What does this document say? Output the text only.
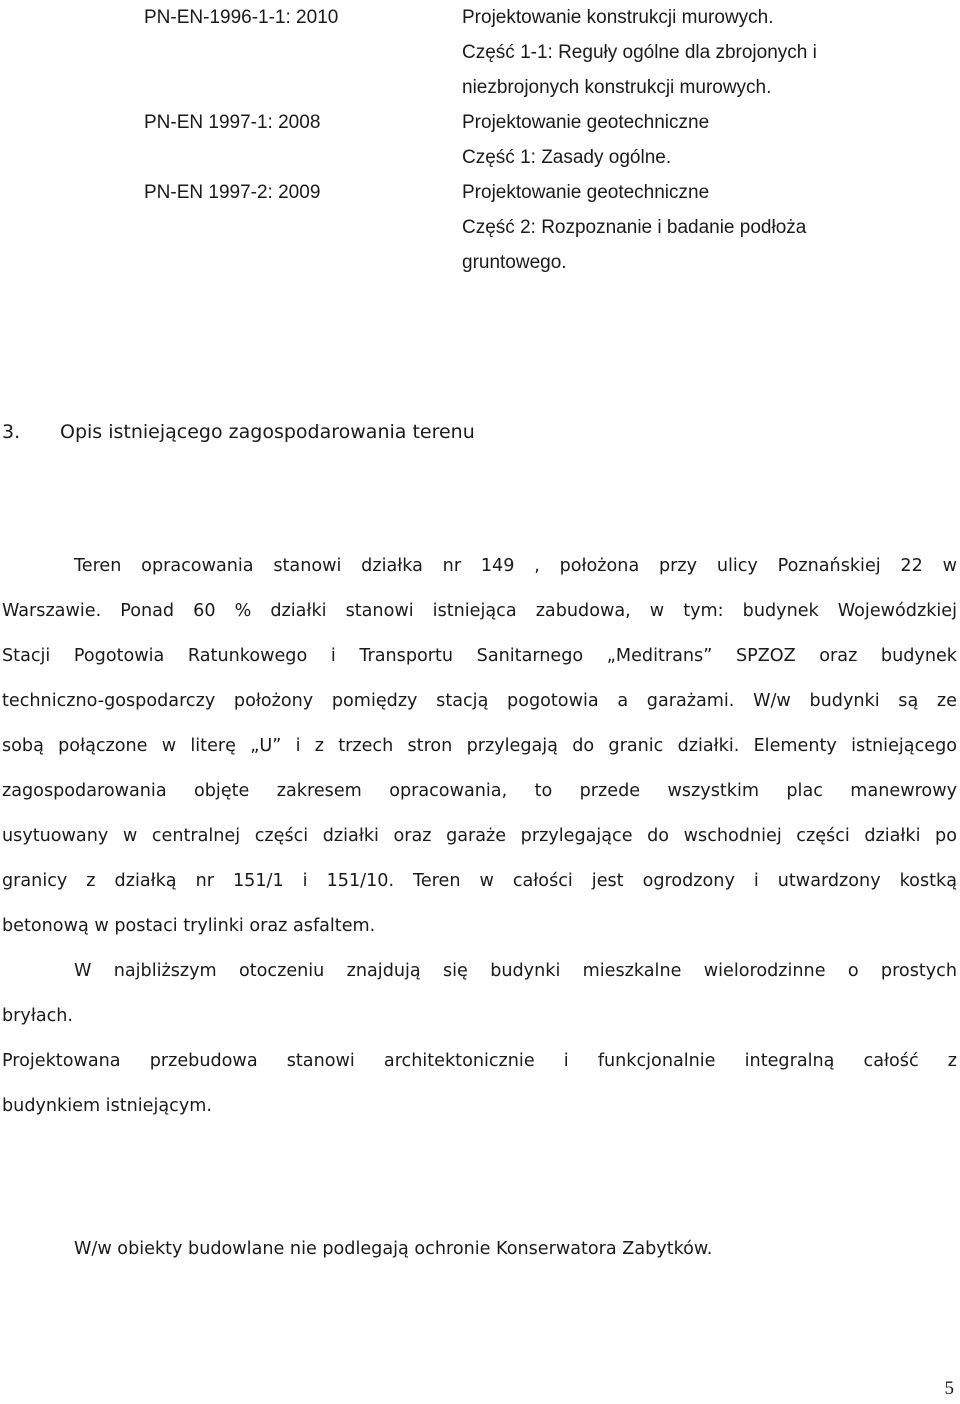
PN-EN-1996-1-1: 2010	Projektowanie konstrukcji murowych.
Część 1-1: Reguły ogólne dla zbrojonych i
niezbrojonych konstrukcji murowych.
PN-EN 1997-1: 2008	Projektowanie geotechniczne
Część 1: Zasady ogólne.
PN-EN 1997-2: 2009	Projektowanie geotechniczne
Część 2: Rozpoznanie i badanie podłoża
gruntowego.
3. Opis istniejącego zagospodarowania terenu
Teren opracowania stanowi działka nr 149 , położona przy ulicy Poznańskiej 22 w
Warszawie. Ponad 60 % działki stanowi istniejąca zabudowa, w tym: budynek Wojewódzkiej
Stacji Pogotowia Ratunkowego i Transportu Sanitarnego „Meditrans” SPZOZ oraz budynek
techniczno-gospodarczy położony pomiędzy stacją pogotowia a garażami. W/w budynki są ze
sobą połączone w literę „U” i z trzech stron przylegają do granic działki. Elementy istniejącego
zagospodarowania objęte zakresem opracowania, to przede wszystkim plac manewrowy
usytuowany w centralnej części działki oraz garaże przylegające do wschodniej części działki po
granicy z działką nr 151/1 i 151/10. Teren w całości jest ogrodzony i utwardzony kostką
betonową w postaci trylinki oraz asfaltem.
W najbliższym otoczeniu znajdują się budynki mieszkalne wielorodzinne o prostych
bryłach.
Projektowana przebudowa stanowi architektonicznie i funkcjonalnie integralną całość z
budynkiem istniejącym.
W/w obiekty budowlane nie podlegają ochronie Konserwatora Zabytków.
5
